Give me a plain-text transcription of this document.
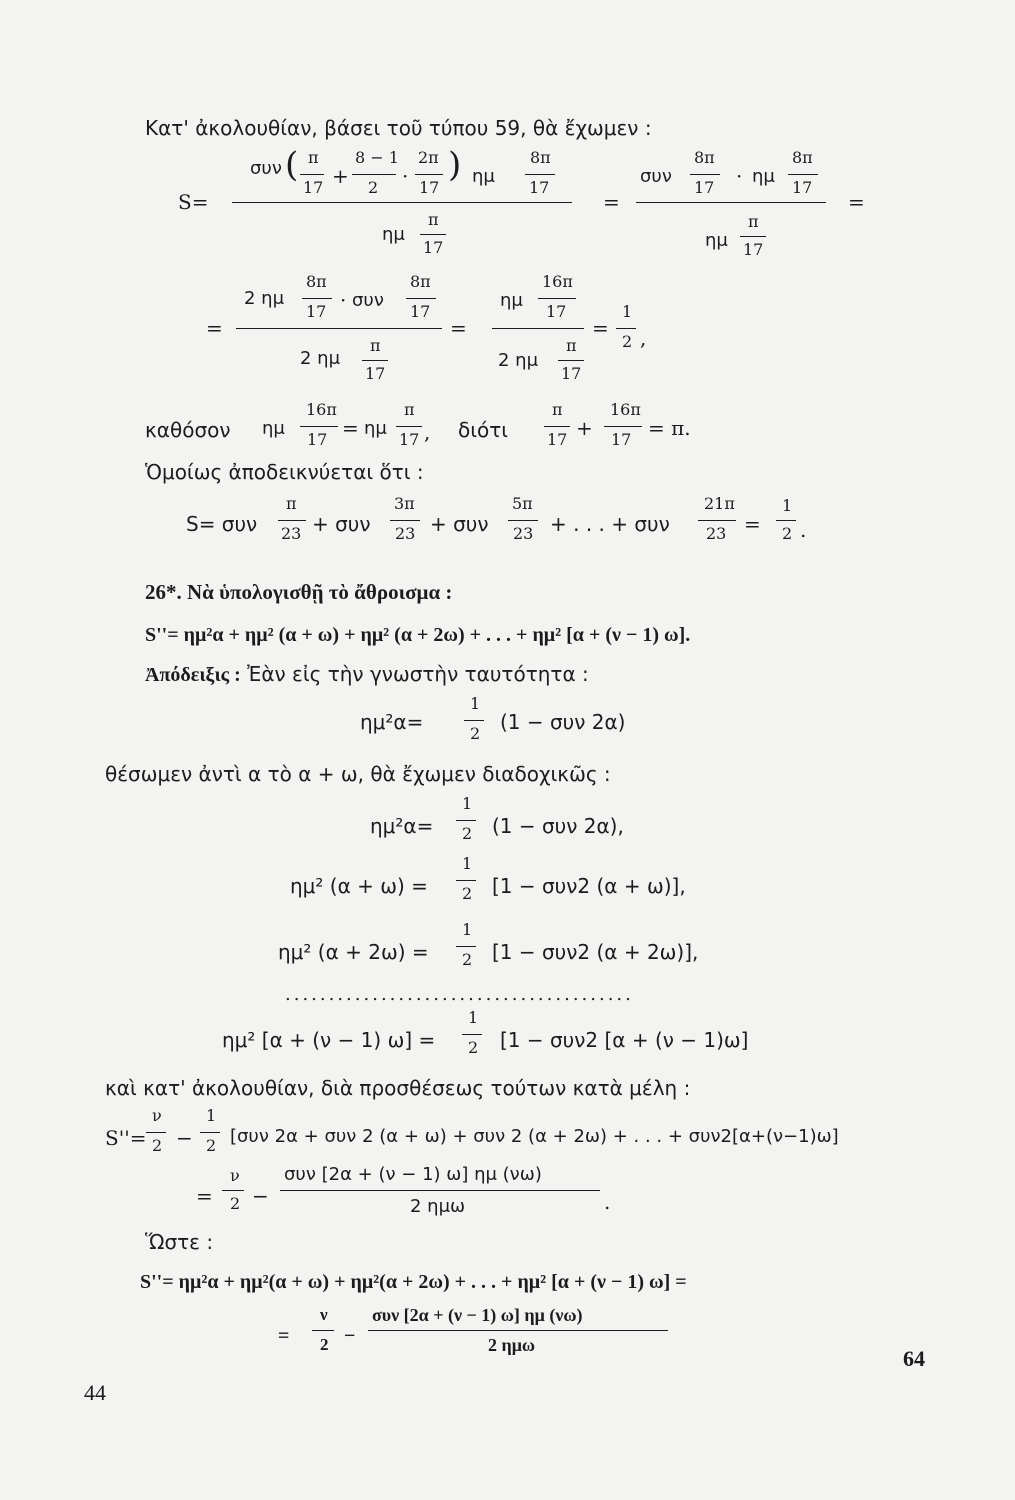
Κατ' ἀκολουθίαν, βάσει τοῦ τύπου 59, θὰ ἔχωμεν :
S=
συν ( π
17 +
8 − 1
2 ·
2π
17
) ημ
8π
17
ημ
π
17
=
συν
8π
17 · ημ
8π
17
ημ
π
17
=
=
2 ημ
8π
17 · συν
8π
17
2 ημ
π
17
=
ημ
16π
17
2 ημ
π
17
=
1
2 ,
καθόσον ημ
16π
17 = ημ
π
17 , διότι
π
17 +
16π
17 = π.
Ὁμοίως ἀποδεικνύεται ὅτι :
S= συν
π
23 + συν
3π
23 + συν
5π
23 + . . . + συν
21π
23 =
1
2 .
26*. Νὰ ὑπολογισθῇ τὸ ἄθροισμα :
S''= ημ²α + ημ² (α + ω) + ημ² (α + 2ω) + . . . + ημ² [α + (ν − 1) ω].
Ἀπόδειξις : Ἐὰν εἰς τὴν γνωστὴν ταυτότητα :
ημ²α=
1
2 (1 − συν 2α)
θέσωμεν ἀντὶ α τὸ α + ω, θὰ ἔχωμεν διαδοχικῶς :
ημ²α=
1
2 (1 − συν 2α),
ημ² (α + ω) =
1
2 [1 − συν2 (α + ω)],
ημ² (α + 2ω) =
1
2 [1 − συν2 (α + 2ω)],
........................................
ημ² [α + (ν − 1) ω] =
1
2 [1 − συν2 [α + (ν − 1)ω]
καὶ κατ' ἀκολουθίαν, διὰ προσθέσεως τούτων κατὰ μέλη :
S''=
ν
2 −
1
2 [συν 2α + συν 2 (α + ω) + συν 2 (α + 2ω) + . . . + συν2[α+(ν−1)ω]
=
ν
2 −
συν [2α + (ν − 1) ω] ημ (νω)
2 ημω	.
Ὥστε :
S''= ημ²α + ημ²(α + ω) + ημ²(α + 2ω) + . . . + ημ² [α + (ν − 1) ω] =
=
ν
2 −
συν [2α + (ν − 1) ω] ημ (νω)
2 ημω
64
44
